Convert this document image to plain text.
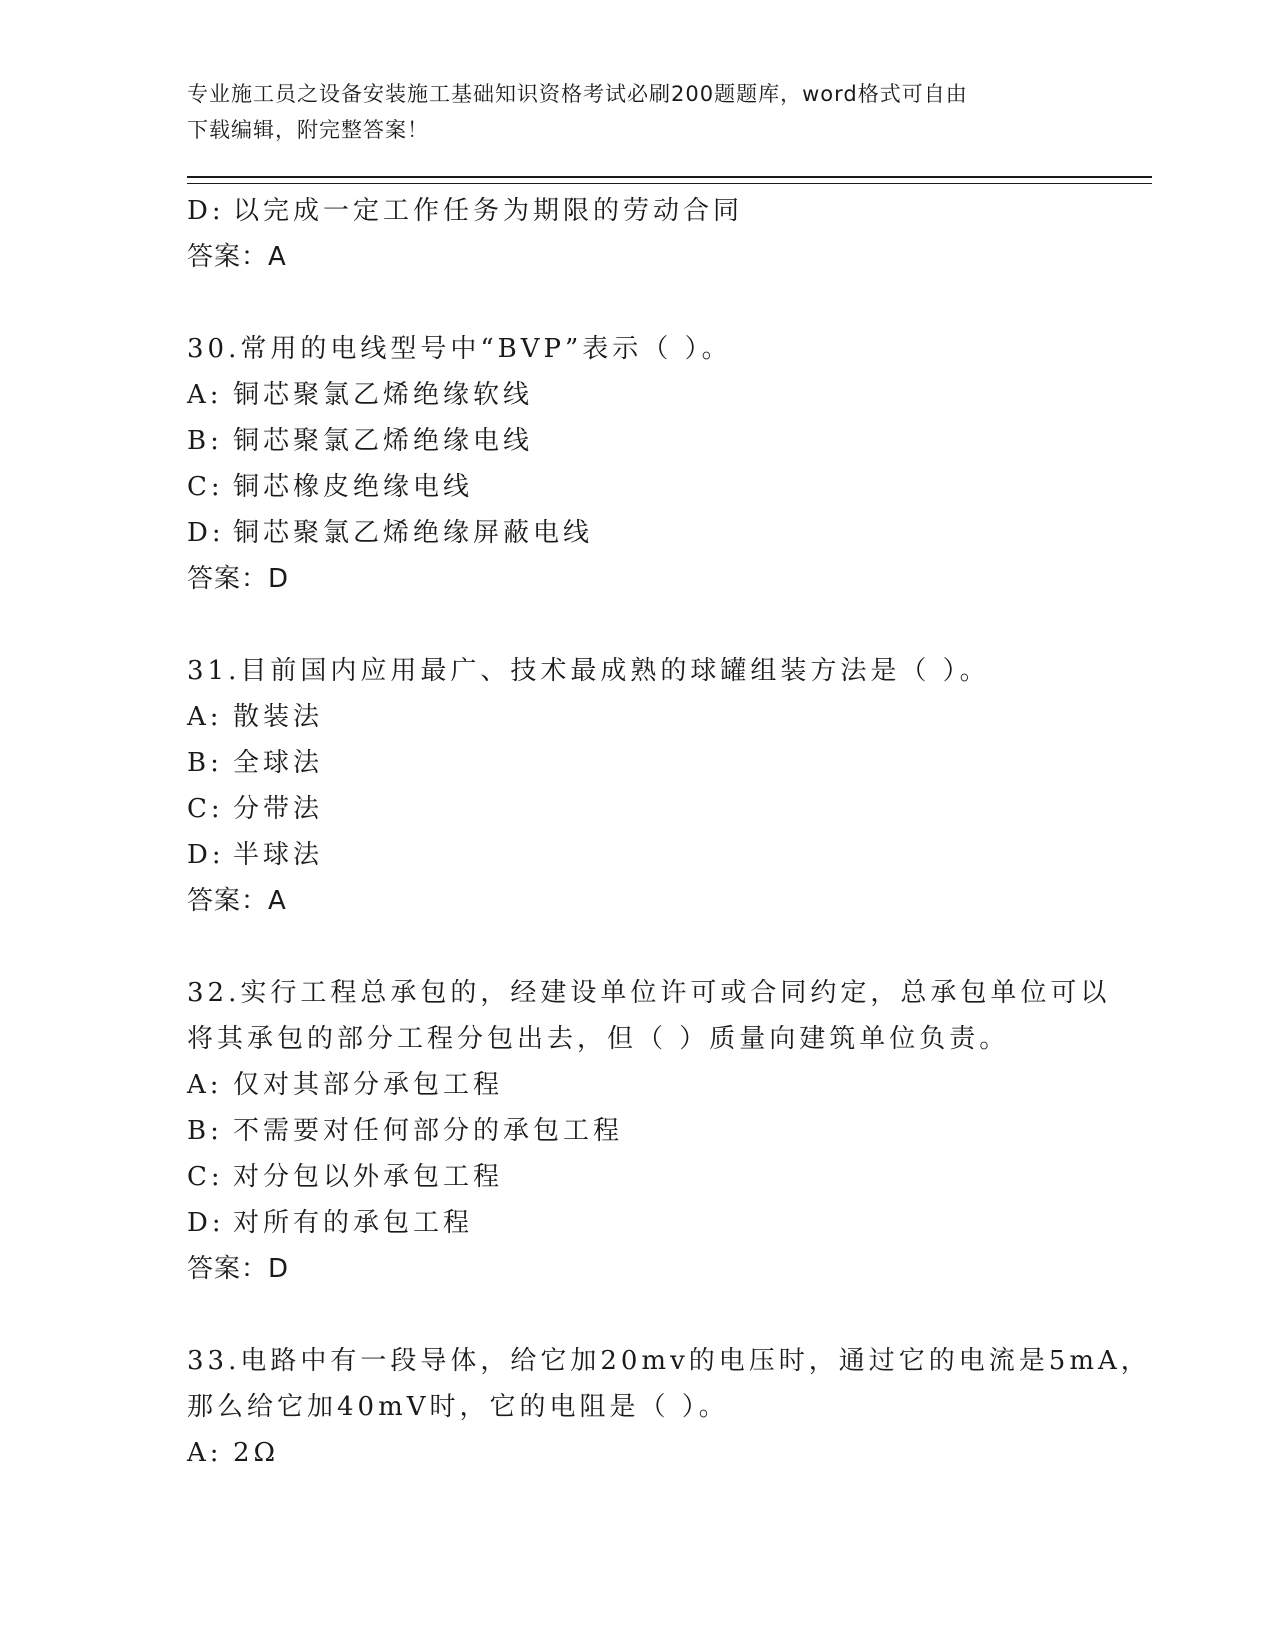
专业施工员之设备安装施工基础知识资格考试必刷200题题库，word格式可自由
下载编辑，附完整答案！
D: 以完成一定工作任务为期限的劳动合同
答案：A
30.常用的电线型号中“BVP”表示（ ）。
A: 铜芯聚氯乙烯绝缘软线
B: 铜芯聚氯乙烯绝缘电线
C: 铜芯橡皮绝缘电线
D: 铜芯聚氯乙烯绝缘屏蔽电线
答案：D
31.目前国内应用最广、技术最成熟的球罐组装方法是（ ）。
A: 散装法
B: 全球法
C: 分带法
D: 半球法
答案：A
32.实行工程总承包的，经建设单位许可或合同约定，总承包单位可以
将其承包的部分工程分包出去，但（ ）质量向建筑单位负责。
A: 仅对其部分承包工程
B: 不需要对任何部分的承包工程
C: 对分包以外承包工程
D: 对所有的承包工程
答案：D
33.电路中有一段导体，给它加20mv的电压时，通过它的电流是5mA，
那么给它加40mV时，它的电阻是（ ）。
A: 2Ω
